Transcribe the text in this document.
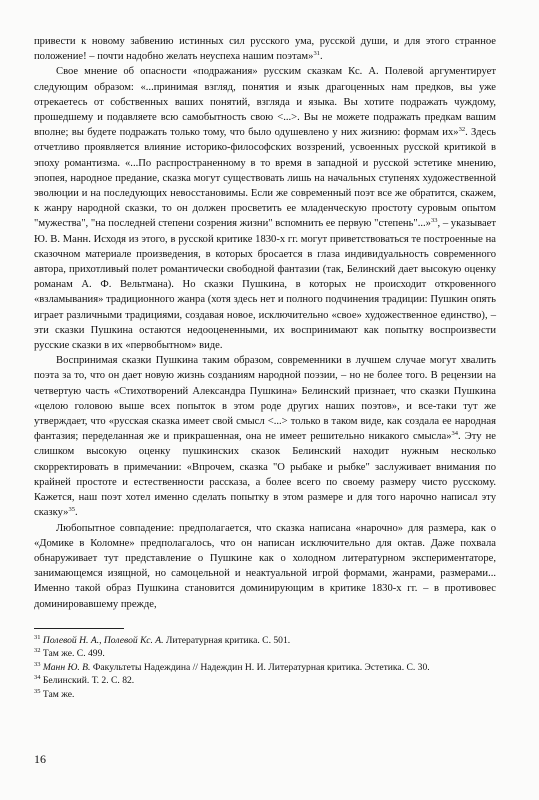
привести к новому забвению истинных сил русского ума, русской души, и для этого странное положение! – почти надобно желать неуспеха нашим поэтам»$^{31}$.

Свое мнение об опасности «подражания» русским сказкам Кс. А. Полевой аргументирует следующим образом: «...принимая взгляд, понятия и язык драгоценных нам предков, вы уже отрекаетесь от собственных ваших понятий, взгляда и языка. Вы хотите подражать чуждому, прошедшему и подавляете всю самобытность свою <...>. Вы не можете подражать предкам вашим вполне; вы будете подражать только тому, что было одушевлено у них жизнию: формам их»$^{32}$. Здесь отчетливо проявляется влияние историко-философских воззрений, усвоенных русской критикой в эпоху романтизма. «...По распространенному в то время в западной и русской эстетике мнению, эпопея, народное предание, сказка могут существовать лишь на начальных ступенях художественной эволюции и на последующих невосстановимы. Если же современный поэт все же обратится, скажем, к жанру народной сказки, то он должен просветить ее младенческую простоту суровым опытом "мужества", "на последней степени созрения жизни" вспомнить ее первую "степень"...»$^{33}$, – указывает Ю. В. Манн. Исходя из этого, в русской критике 1830-х гг. могут приветствоваться те построенные на сказочном материале произведения, в которых бросается в глаза индивидуальность современного автора, прихотливый полет романтически свободной фантазии (так, Белинский дает высокую оценку романам А. Ф. Вельтмана). Но сказки Пушкина, в которых не происходит откровенного «взламывания» традиционного жанра (хотя здесь нет и полного подчинения традиции: Пушкин опять играет различными традициями, создавая новое, исключительно «свое» художественное единство), – эти сказки Пушкина остаются недооцененными, их воспринимают как попытку воспроизвести русские сказки в их «первобытном» виде.

Воспринимая сказки Пушкина таким образом, современники в лучшем случае могут хвалить поэта за то, что он дает новую жизнь созданиям народной поэзии, – но не более того. В рецензии на четвертую часть «Стихотворений Александра Пушкина» Белинский признает, что сказки Пушкина «целою головою выше всех попыток в этом роде других наших поэтов», и все-таки тут же утверждает, что «русская сказка имеет свой смысл <...> только в таком виде, как создала ее народная фантазия; переделанная же и прикрашенная, она не имеет решительно никакого смысла»$^{34}$. Эту не слишком высокую оценку пушкинских сказок Белинский находит нужным несколько скорректировать в примечании: «Впрочем, сказка "О рыбаке и рыбке" заслуживает внимания по крайней простоте и естественности рассказа, а более всего по своему размеру чисто русскому. Кажется, наш поэт хотел именно сделать попытку в этом размере и для того нарочно написал эту сказку»$^{35}$.

Любопытное совпадение: предполагается, что сказка написана «нарочно» для размера, как о «Домике в Коломне» предполагалось, что он написан исключительно для октав. Даже похвала обнаруживает тут представление о Пушкине как о холодном литературном экспериментаторе, занимающемся изящной, но самоцельной и неактуальной игрой формами, жанрами, размерами... Именно такой образ Пушкина становится доминирующим в критике 1830-х гг. – в противовес доминировавшему прежде,

$^{31}$ Полевой Н. А., Полевой Кс. А. Литературная критика. С. 501.
$^{32}$ Там же. С. 499.
$^{33}$ Манн Ю. В. Факультеты Надеждина // Надеждин Н. И. Литературная критика. Эстетика. С. 30.
$^{34}$ Белинский. Т. 2. С. 82.
$^{35}$ Там же.
16
